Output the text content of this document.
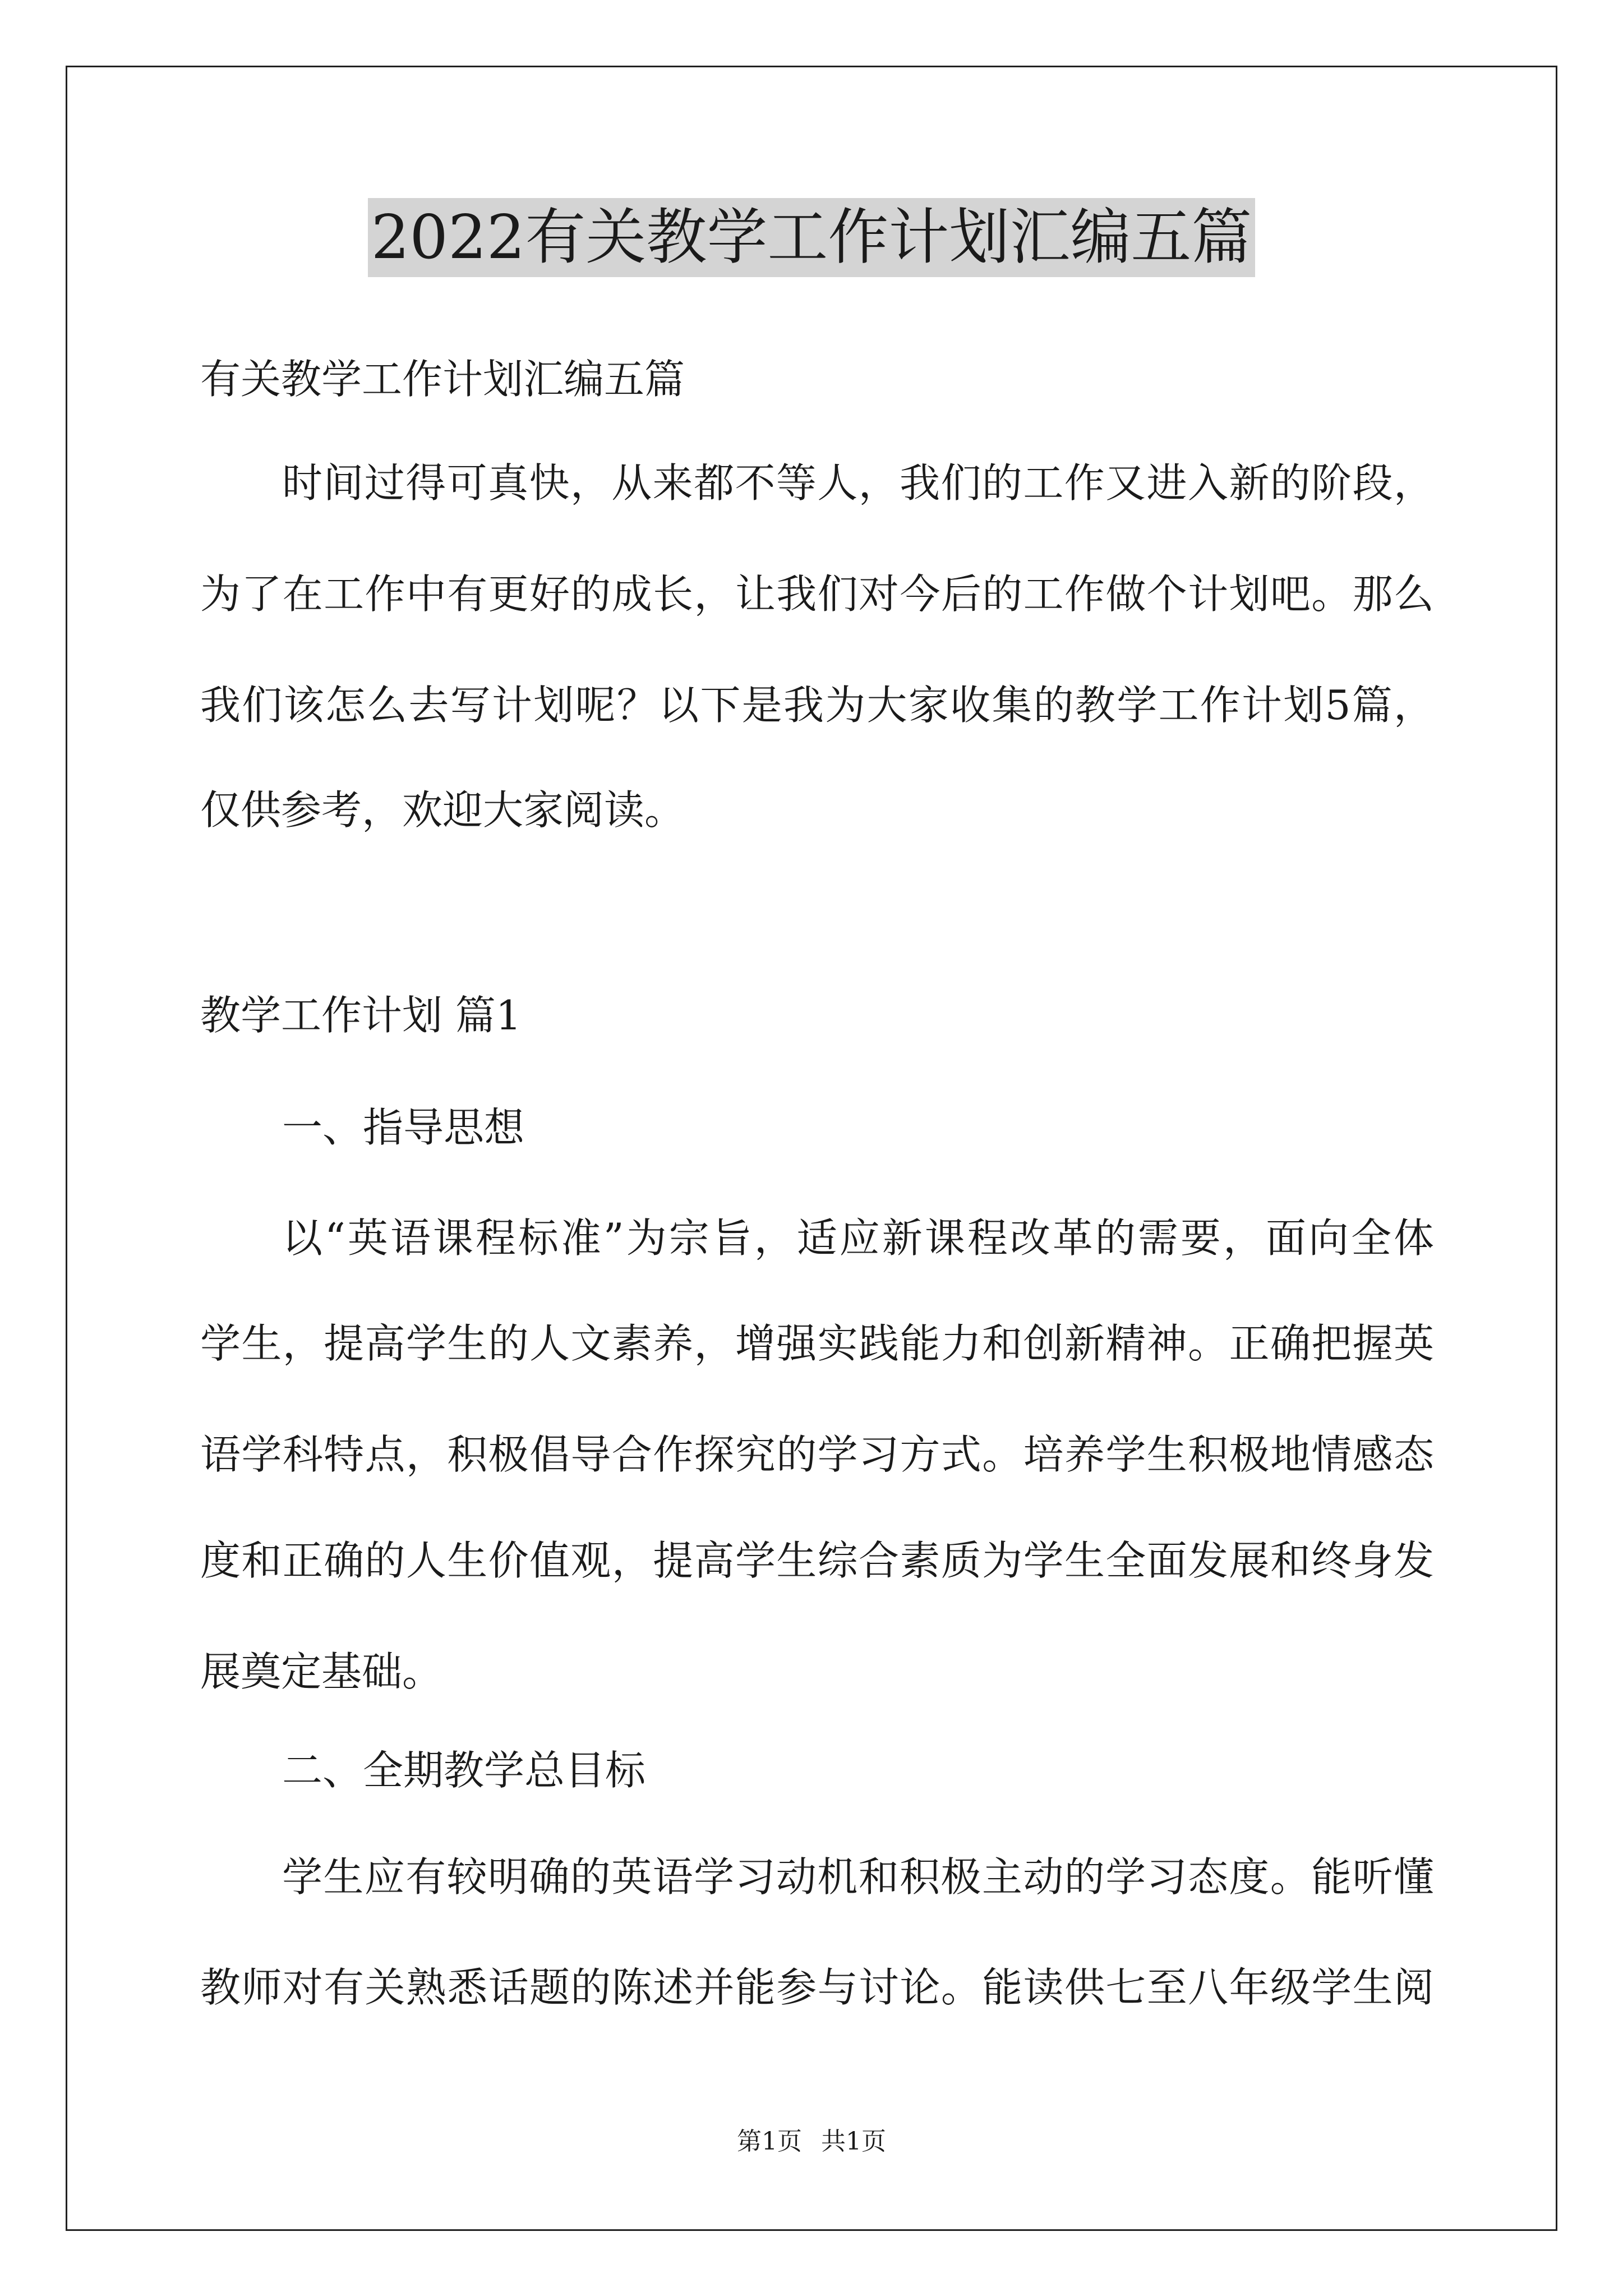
2022有关教学工作计划汇编五篇
有关教学工作计划汇编五篇
时间过得可真快，从来都不等人，我们的工作又进入新的阶段，
为了在工作中有更好的成长，让我们对今后的工作做个计划吧。那么
我们该怎么去写计划呢？以下是我为大家收集的教学工作计划5篇，
仅供参考，欢迎大家阅读。
教学工作计划 篇1
一、指导思想
以“英语课程标准”为宗旨，适应新课程改革的需要，面向全体
学生，提高学生的人文素养，增强实践能力和创新精神。正确把握英
语学科特点，积极倡导合作探究的学习方式。培养学生积极地情感态
度和正确的人生价值观，提高学生综合素质为学生全面发展和终身发
展奠定基础。
二、全期教学总目标
学生应有较明确的英语学习动机和积极主动的学习态度。能听懂
教师对有关熟悉话题的陈述并能参与讨论。能读供七至八年级学生阅
第1页 共1页
